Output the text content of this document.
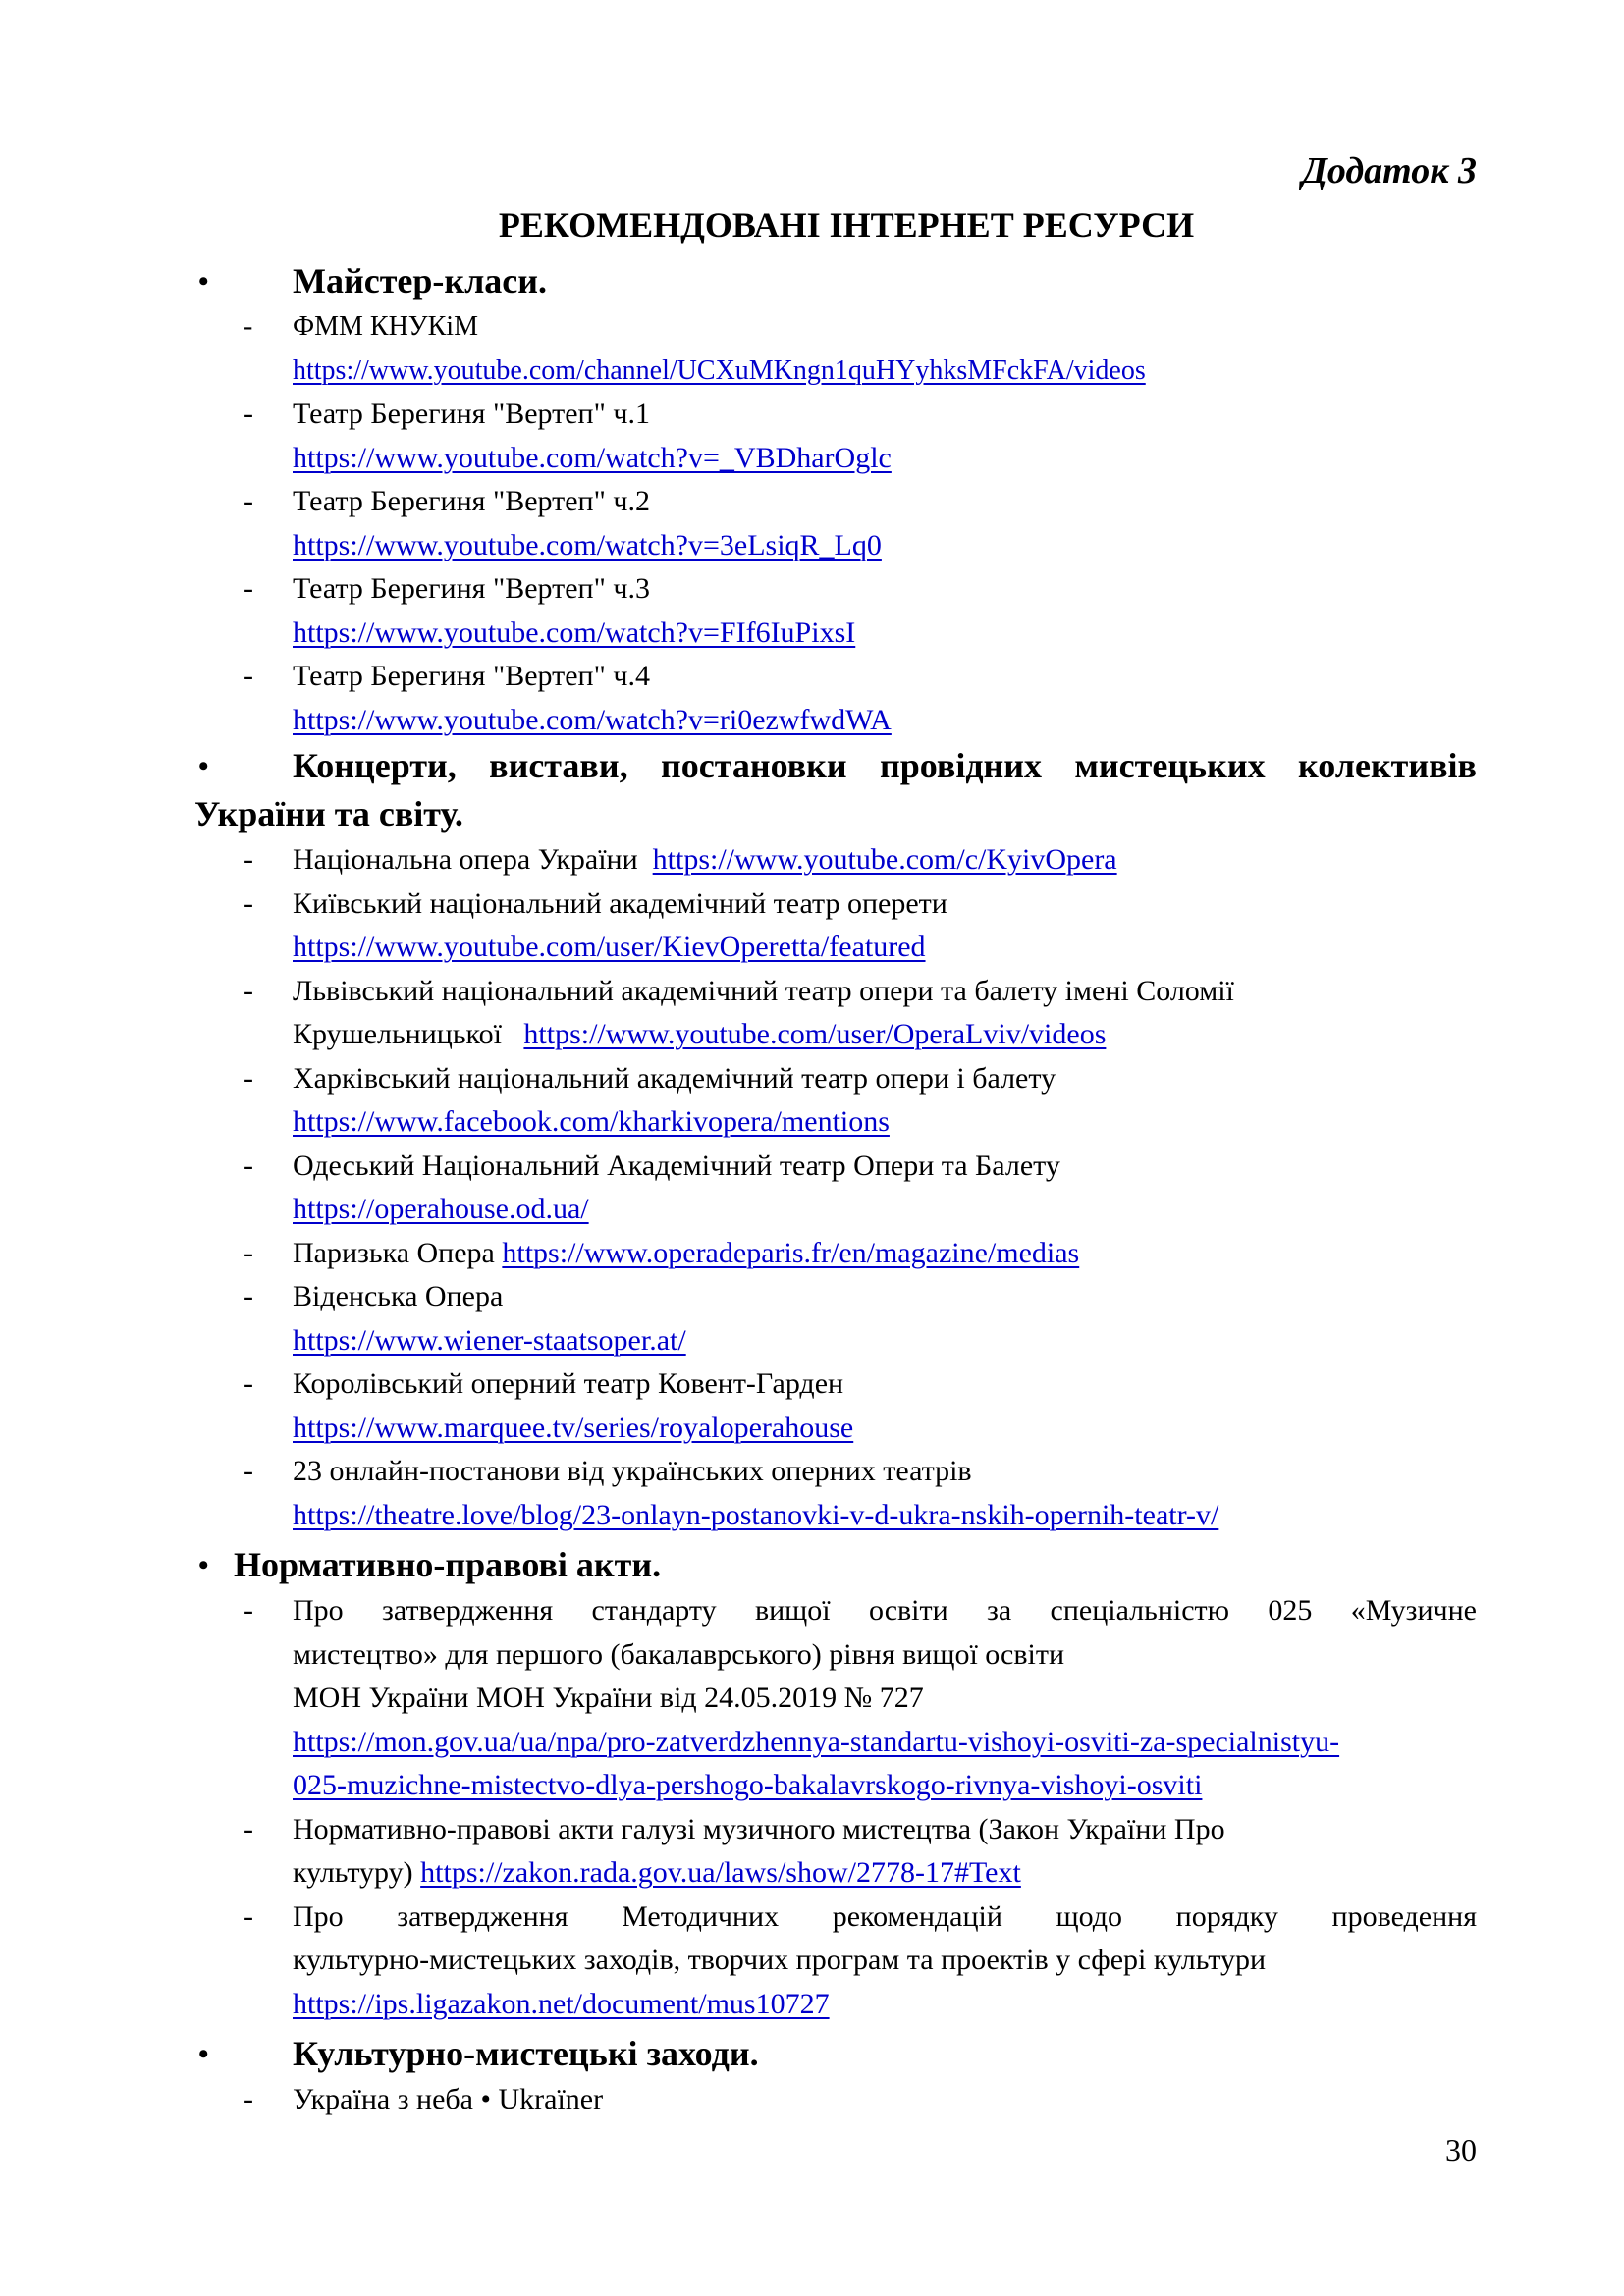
Додаток 3
РЕКОМЕНДОВАНІ ІНТЕРНЕТ РЕСУРСИ
• Майстер-класи.
- ФММ КНУКіМ
https://www.youtube.com/channel/UCXuMKngn1quHYyhksMFckFA/videos
- Театр Берегиня "Вертеп" ч.1
https://www.youtube.com/watch?v=_VBDharOglc
- Театр Берегиня "Вертеп" ч.2
https://www.youtube.com/watch?v=3eLsiqR_Lq0
- Театр Берегиня "Вертеп" ч.3
https://www.youtube.com/watch?v=FIf6IuPixsI
- Театр Берегиня "Вертеп" ч.4
https://www.youtube.com/watch?v=ri0ezwfwdWA
•	Концерти, вистави, постановки провідних мистецьких колективів
України та світу.
- Національна опера України https://www.youtube.com/c/KyivOpera
- Київський національний академічний театр оперети
https://www.youtube.com/user/KievOperetta/featured
- Львівський національний академічний театр опери та балету імені Соломії
Крушельницької https://www.youtube.com/user/OperaLviv/videos
- Харківський національний академічний театр опери і балету
https://www.facebook.com/kharkivopera/mentions
- Одеський Національний Академічний театр Опери та Балету
https://operahouse.od.ua/
- Паризька Опера https://www.operadeparis.fr/en/magazine/medias
- Віденська Опера
https://www.wiener-staatsoper.at/
- Королівський оперний театр Ковент-Гарден
https://www.marquee.tv/series/royaloperahouse
- 23 онлайн-постанови від українських оперних театрів
https://theatre.love/blog/23-onlayn-postanovki-v-d-ukra-nskih-opernih-teatr-v/
• Нормативно-правові акти.
- Про затвердження стандарту вищої освіти за спеціальністю 025 «Музичне
мистецтво» для першого (бакалаврського) рівня вищої освіти
МОН України МОН України від 24.05.2019 № 727
https://mon.gov.ua/ua/npa/pro-zatverdzhennya-standartu-vishoyi-osviti-za-specialnistyu-
025-muzichne-mistectvo-dlya-pershogo-bakalavrskogo-rivnya-vishoyi-osviti
- Нормативно-правові акти галузі музичного мистецтва (Закон України Про
культуру) https://zakon.rada.gov.ua/laws/show/2778-17#Text
- Про затвердження Методичних рекомендацій щодо порядку проведення
культурно-мистецьких заходів, творчих програм та проектів у сфері культури
https://ips.ligazakon.net/document/mus10727
• Культурно-мистецькі заходи.
- Україна з неба • Ukraїner
30
